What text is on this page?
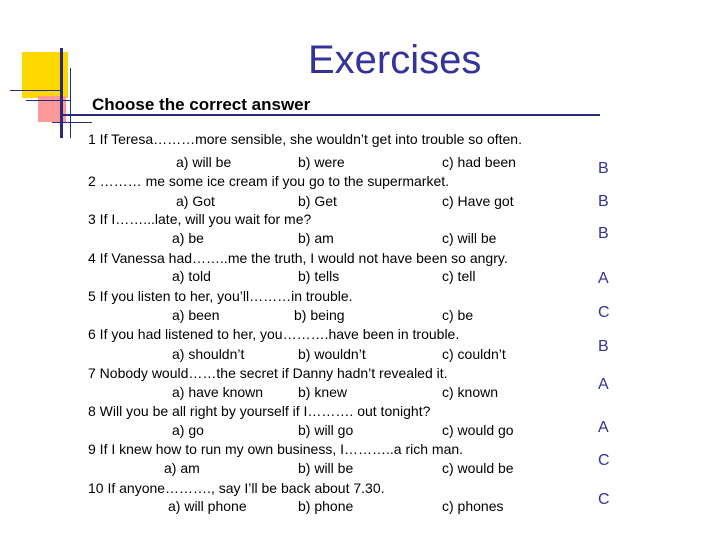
Exercises
Choose the correct answer
1 If Teresa………more sensible, she wouldn’t get into trouble so often.
a) will be	b) were	c) had been	B
2 ……… me some ice cream if you go to the supermarket.
a) Got	b) Get	c) Have got	B
3 If I……...late, will you wait for me?
a) be	b) am	c) will be	B
4 If Vanessa had……..me the truth, I would not have been so angry.
a) told	b) tells	c) tell	A
5 If you listen to her, you’ll………in trouble.
a) been	b) being	c) be	C
6 If you had listened to her, you……….have been in trouble.
a) shouldn’t	b) wouldn’t	c) couldn’t	B
7 Nobody would……the secret if Danny hadn’t revealed it.
a) have known b) knew	c) known	A
8 Will you be all right by yourself if I………. out tonight?
a) go	b) will go	c) would go	A
9 If I knew how to run my own business, I………..a rich man.
a) am	b) will be	c) would be	C
10 If anyone………., say I’ll be back about 7.30.
a) will phone	b) phone	c) phones	C
